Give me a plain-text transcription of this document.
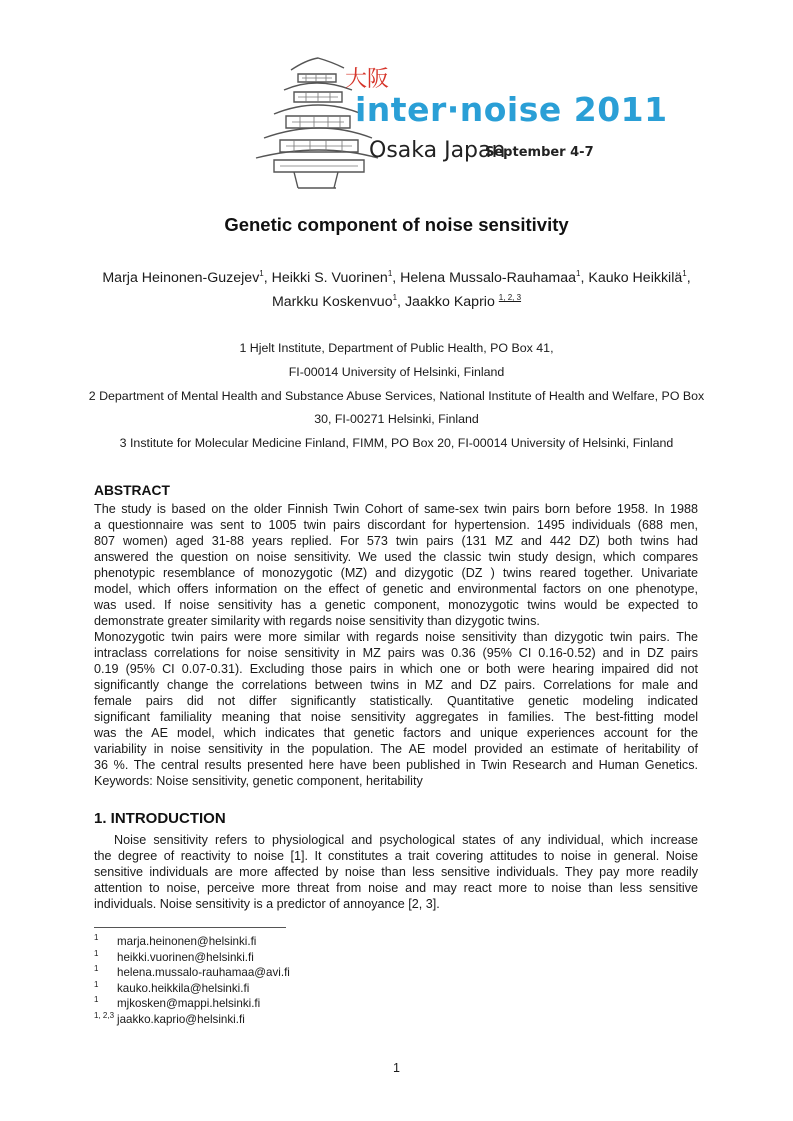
大阪
inter·noise 2011
Osaka Japan
September 4-7
Genetic component of noise sensitivity
Marja Heinonen-Guzejev$^1$, Heikki S. Vuorinen$^1$, Helena Mussalo-Rauhamaa$^1$, Kauko Heikkilä$^1$,
Markku Koskenvuo$^1$, Jaakko Kaprio $^{1, 2, 3}$
1 Hjelt Institute, Department of Public Health, PO Box 41,
FI-00014 University of Helsinki, Finland
2 Department of Mental Health and Substance Abuse Services, National Institute of Health and Welfare, PO Box
30, FI-00271 Helsinki, Finland
3 Institute for Molecular Medicine Finland, FIMM, PO Box 20, FI-00014 University of Helsinki, Finland
ABSTRACT
The study is based on the older Finnish Twin Cohort of same-sex twin pairs born before 1958. In 1988
a questionnaire was sent to 1005 twin pairs discordant for hypertension. 1495 individuals (688 men,
807 women) aged 31-88 years replied. For 573 twin pairs (131 MZ and 442 DZ) both twins had
answered the question on noise sensitivity. We used the classic twin study design, which compares
phenotypic resemblance of monozygotic (MZ) and dizygotic (DZ ) twins reared together. Univariate
model, which offers information on the effect of genetic and environmental factors on one phenotype,
was used. If noise sensitivity has a genetic component, monozygotic twins would be expected to
demonstrate greater similarity with regards noise sensitivity than dizygotic twins.
Monozygotic twin pairs were more similar with regards noise sensitivity than dizygotic twin pairs. The
intraclass correlations for noise sensitivity in MZ pairs was 0.36 (95% CI 0.16-0.52) and in DZ pairs
0.19 (95% CI 0.07-0.31). Excluding those pairs in which one or both were hearing impaired did not
significantly change the correlations between twins in MZ and DZ pairs. Correlations for male and
female pairs did not differ significantly statistically. Quantitative genetic modeling indicated
significant familiality meaning that noise sensitivity aggregates in families. The best-fitting model
was the AE model, which indicates that genetic factors and unique experiences account for the
variability in noise sensitivity in the population. The AE model provided an estimate of heritability of
36 %. The central results presented here have been published in Twin Research and Human Genetics.
Keywords: Noise sensitivity, genetic component, heritability
1. INTRODUCTION
Noise sensitivity refers to physiological and psychological states of any individual, which increase
the degree of reactivity to noise [1]. It constitutes a trait covering attitudes to noise in general. Noise
sensitive individuals are more affected by noise than less sensitive individuals. They pay more readily
attention to noise, perceive more threat from noise and may react more to noise than less sensitive
individuals. Noise sensitivity is a predictor of annoyance [2, 3].
1 marja.heinonen@helsinki.fi
1 heikki.vuorinen@helsinki.fi
1 helena.mussalo-rauhamaa@avi.fi
1 kauko.heikkila@helsinki.fi
1 mjkosken@mappi.helsinki.fi
1, 2,3 jaakko.kaprio@helsinki.fi
1
